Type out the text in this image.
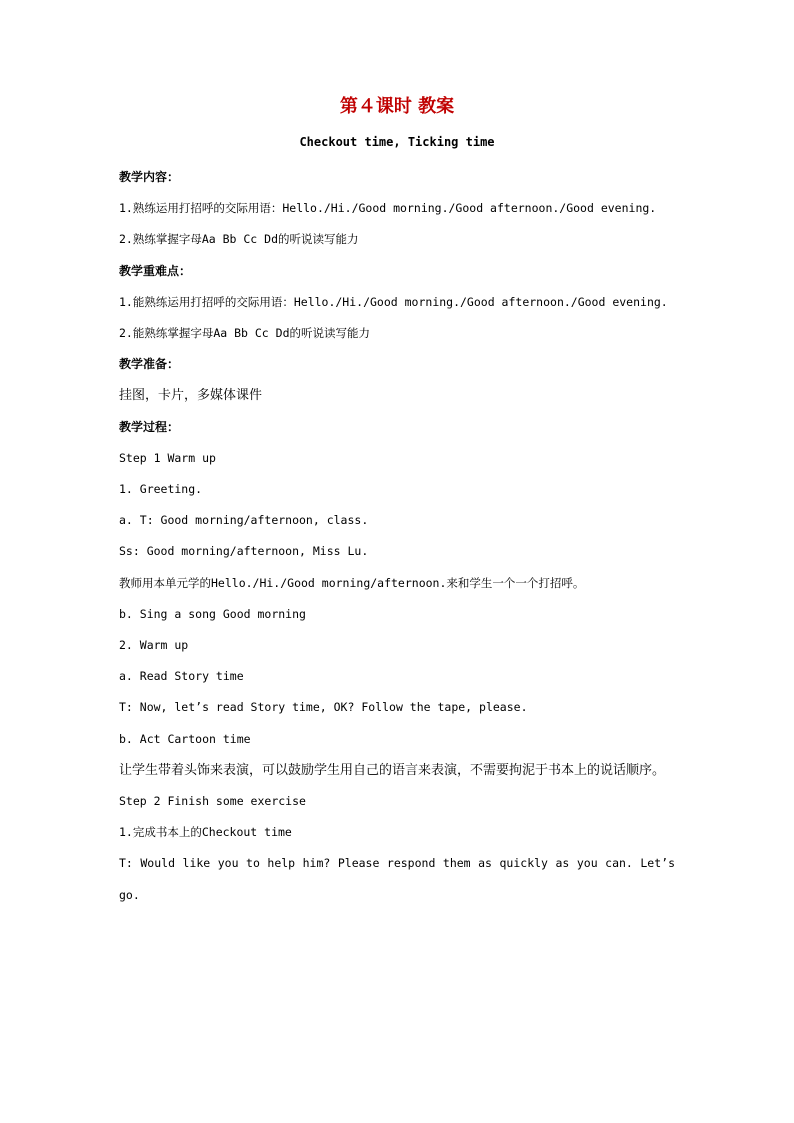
第４课时 教案
Checkout time, Ticking time

教学内容：

1.熟练运用打招呼的交际用语：Hello./Hi./Good morning./Good afternoon./Good evening.

2.熟练掌握字母Aa Bb Cc Dd的听说读写能力

教学重难点：

1.能熟练运用打招呼的交际用语：Hello./Hi./Good morning./Good afternoon./Good evening.

2.能熟练掌握字母Aa Bb Cc Dd的听说读写能力

教学准备：

挂图，卡片，多媒体课件

教学过程：

Step 1 Warm up

1. Greeting.

a. T: Good morning/afternoon, class.

Ss: Good morning/afternoon, Miss Lu.

教师用本单元学的Hello./Hi./Good morning/afternoon.来和学生一个一个打招呼。

b. Sing a song Good morning

2. Warm up

a. Read Story time

T: Now, let’s read Story time, OK? Follow the tape, please.

b. Act Cartoon time

让学生带着头饰来表演，可以鼓励学生用自己的语言来表演，不需要拘泥于书本上的说话顺序。

Step 2 Finish some exercise

1.完成书本上的Checkout time

T: Would like you to help him? Please respond them as quickly as you can. Let’s go.
